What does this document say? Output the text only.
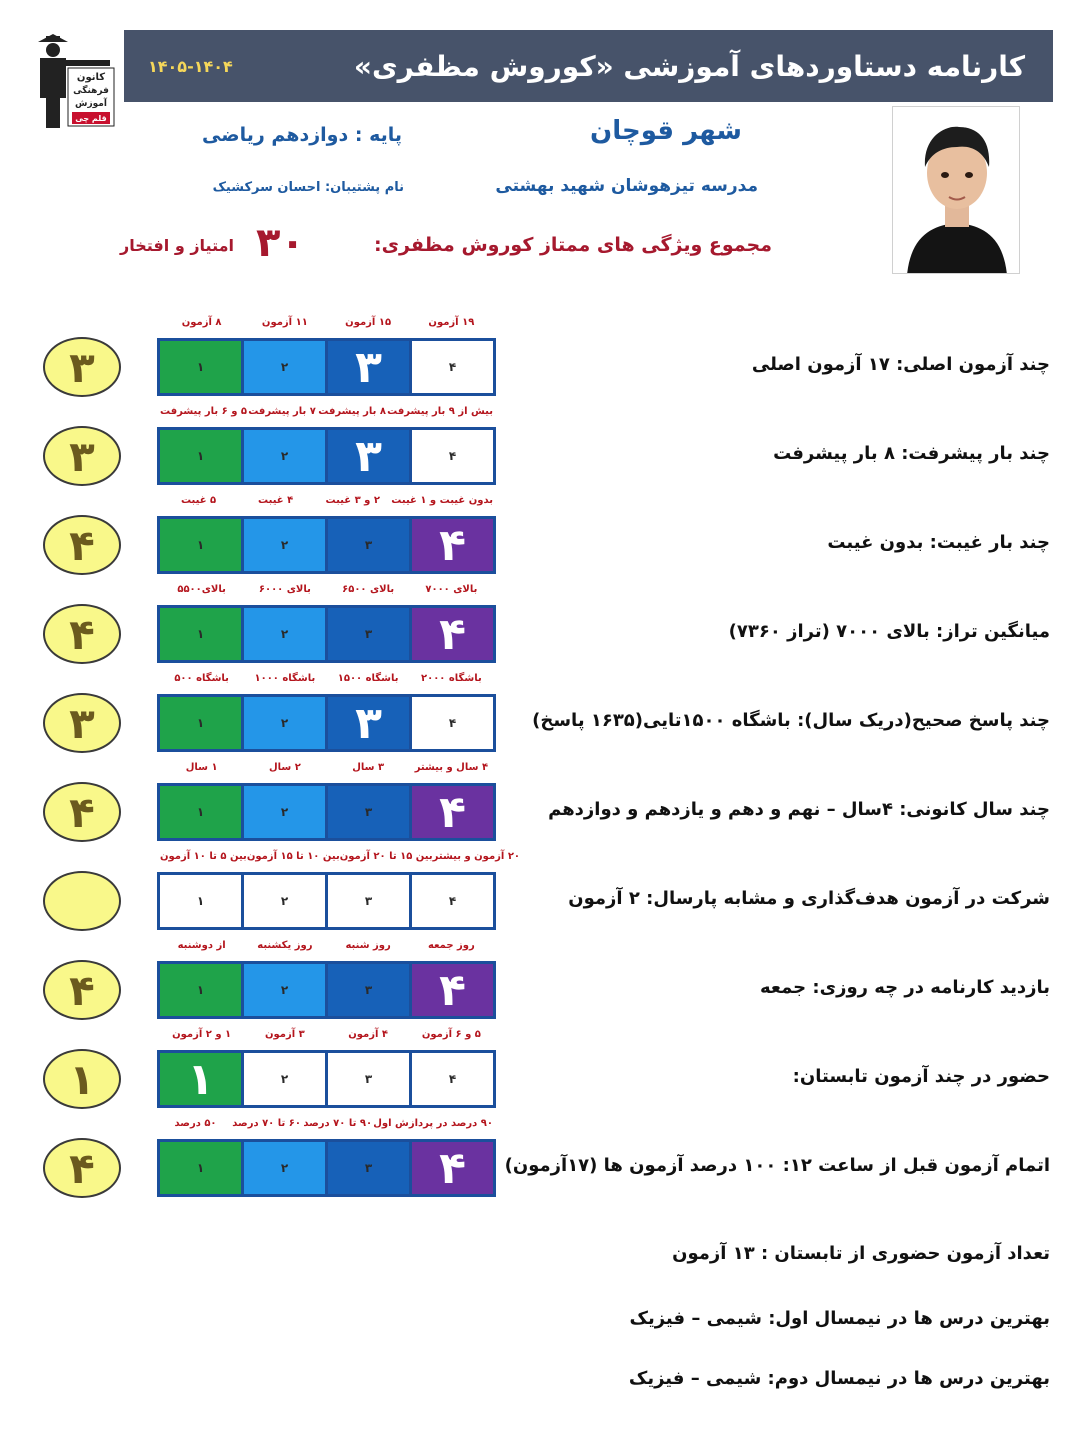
کانون
فرهنگی
آموزش
قلم چی
کارنامه دستاوردهای آموزشی «کوروش مظفری»
۱۴۰۵-۱۴۰۴
شهر قوچان
پایه : دوازدهم ریاضی
مدرسه تیزهوشان شهید بهشتی
نام پشتیبان: احسان سرکشیک
مجموع ویژگی های ممتاز کوروش مظفری:
۳۰
امتیاز و افتخار
۸ آزمون	۱۱ آزمون	۱۵ آزمون	۱۹ آزمون
۱	۲	۳	۴
۳	چند آزمون اصلی: ۱۷ آزمون اصلی
۵ و ۶ بار پیشرفت ۷ بار پیشرفت ۸ بار پیشرفت بیش از ۹ بار پیشرفت
۱	۲	۳	۴
۳	چند بار پیشرفت: ۸ بار پیشرفت
۵ غیبت	۴ غیبت	۲ و ۳ غیبت	بدون غیبت و ۱ غیبت
۱	۲	۳	۴
۴	چند بار غیبت: بدون غیبت
بالای۵۵۰۰	بالای ۶۰۰۰	بالای ۶۵۰۰	بالای ۷۰۰۰
۱	۲	۳	۴
۴	میانگین تراز: بالای ۷۰۰۰ (تراز ۷۳۶۰)
باشگاه ۵۰۰	باشگاه ۱۰۰۰	باشگاه ۱۵۰۰	باشگاه ۲۰۰۰
۱	۲	۳	۴
۳	چند پاسخ صحیح(دریک سال): باشگاه ۱۵۰۰تایی(۱۶۳۵ پاسخ)
۱ سال	۲ سال	۳ سال	۴ سال و بیشتر
۱	۲	۳	۴
۴	چند سال کانونی: ۴سال – نهم و دهم و یازدهم و دوازدهم
بین ۵ تا ۱۰ آزمون بین ۱۰ تا ۱۵ آزمون بین ۱۵ تا ۲۰ آزمون ۲۰ آزمون و بیشتر
۱	۲	۳	۴	شرکت در آزمون هدف‌گذاری و مشابه پارسال: ۲ آزمون
از دوشنبه	روز یکشنبه	روز شنبه	روز جمعه
۱	۲	۳	۴
۴	بازدید کارنامه در چه روزی: جمعه
۱ و ۲ آزمون	۳ آزمون	۴ آزمون	۵ و ۶ آزمون
۱	۲	۳	۴
۱	حضور در چند آزمون تابستان:
۵۰ درصد	۶۰ تا ۷۰ درصد ۹۰ تا ۷۰ درصد ۹۰ درصد در پردازش اول
۱	۲	۳	۴
۴	اتمام آزمون قبل از ساعت ۱۲: ۱۰۰ درصد آزمون ها (۱۷آزمون)
تعداد آزمون حضوری از تابستان : ۱۳ آزمون
بهترین درس ها در نیمسال اول: شیمی – فیزیک
بهترین درس ها در نیمسال دوم: شیمی – فیزیک
